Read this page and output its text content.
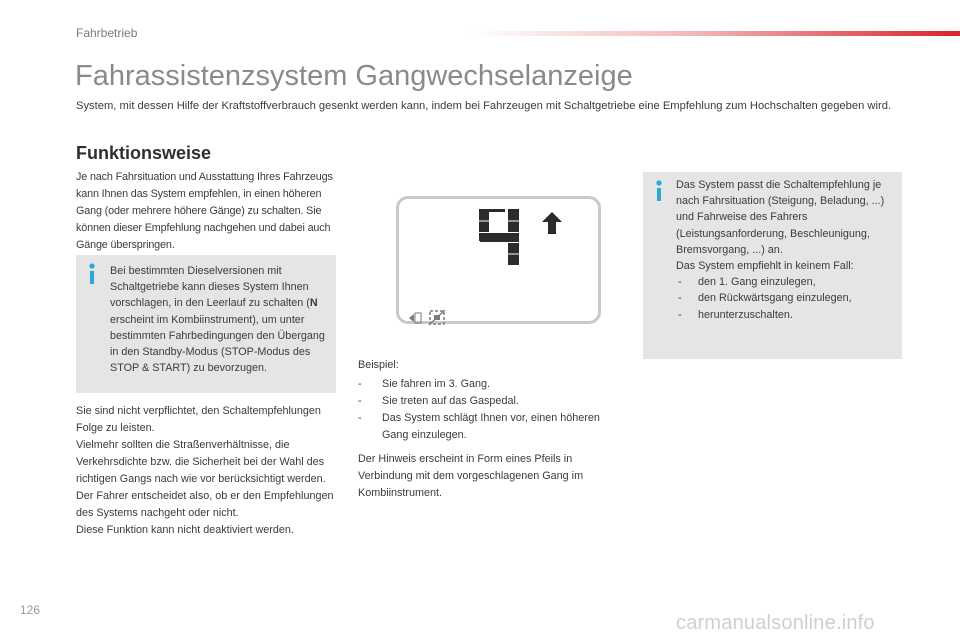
Fahrbetrieb
Fahrassistenzsystem Gangwechselanzeige
System, mit dessen Hilfe der Kraftstoffverbrauch gesenkt werden kann, indem bei Fahrzeugen mit Schaltgetriebe eine Empfehlung zum Hochschalten gegeben wird.
Funktionsweise
Je nach Fahrsituation und Ausstattung Ihres Fahrzeugs kann Ihnen das System empfehlen, in einen höheren Gang (oder mehrere höhere Gänge) zu schalten. Sie können dieser Empfehlung nachgehen und dabei auch Gänge überspringen.
Bei bestimmten Dieselversionen mit Schaltgetriebe kann dieses System Ihnen vorschlagen, in den Leerlauf zu schalten (N erscheint im Kombiinstrument), um unter bestimmten Fahrbedingungen den Übergang in den Standby-Modus (STOP-Modus des STOP & START) zu bevorzugen.
Sie sind nicht verpflichtet, den Schaltempfehlungen Folge zu leisten.
Vielmehr sollten die Straßenverhältnisse, die Verkehrsdichte bzw. die Sicherheit bei der Wahl des richtigen Gangs nach wie vor berücksichtigt werden. Der Fahrer entscheidet also, ob er den Empfehlungen des Systems nachgeht oder nicht.
Diese Funktion kann nicht deaktiviert werden.
Beispiel:
- Sie fahren im 3. Gang.
- Sie treten auf das Gaspedal.
- Das System schlägt Ihnen vor, einen höheren Gang einzulegen.
Der Hinweis erscheint in Form eines Pfeils in Verbindung mit dem vorgeschlagenen Gang im Kombiinstrument.
Das System passt die Schaltempfehlung je nach Fahrsituation (Steigung, Beladung, ...) und Fahrweise des Fahrers (Leistungsanforderung, Beschleunigung, Bremsvorgang, ...) an.
Das System empfiehlt in keinem Fall:
- den 1. Gang einzulegen,
- den Rückwärtsgang einzulegen,
- herunterzuschalten.
126
carmanualsonline.info
